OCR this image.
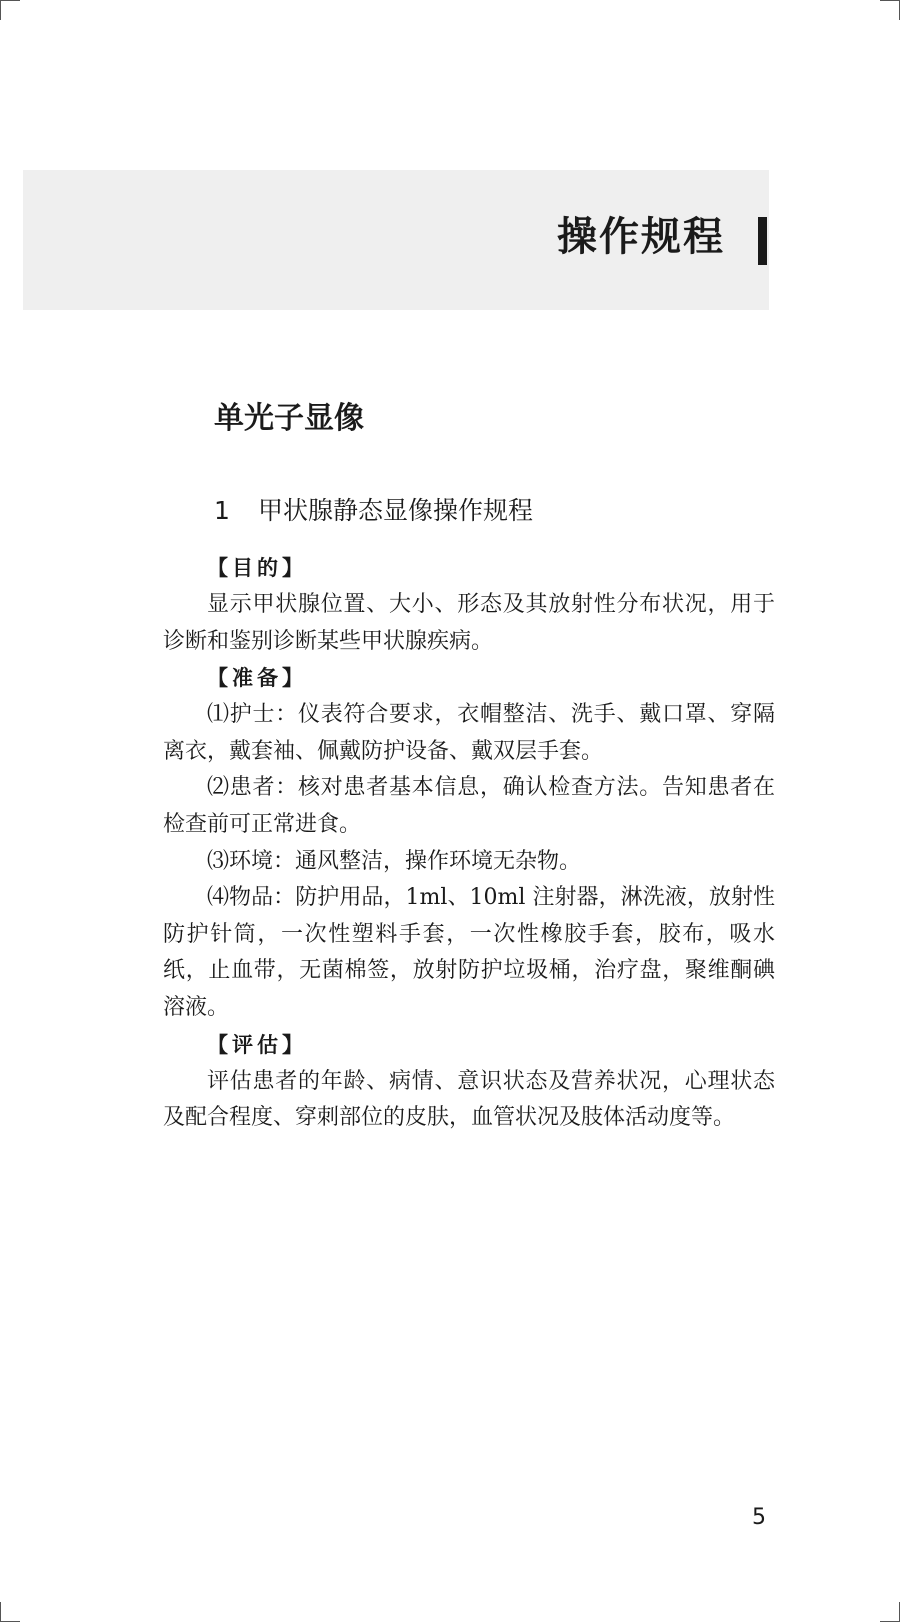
操作规程
单光子显像
1 甲状腺静态显像操作规程
【目的】

显示甲状腺位置、大小、形态及其放射性分布状况，用于诊断和鉴别诊断某些甲状腺疾病。

【准备】

⑴护士：仪表符合要求，衣帽整洁、洗手、戴口罩、穿隔离衣，戴套袖、佩戴防护设备、戴双层手套。

⑵患者：核对患者基本信息，确认检查方法。告知患者在检查前可正常进食。

⑶环境：通风整洁，操作环境无杂物。

⑷物品：防护用品，1ml、10ml 注射器，淋洗液，放射性防护针筒，一次性塑料手套，一次性橡胶手套，胶布，吸水纸，止血带，无菌棉签，放射防护垃圾桶，治疗盘，聚维酮碘溶液。

【评估】

评估患者的年龄、病情、意识状态及营养状况，心理状态及配合程度、穿刺部位的皮肤，血管状况及肢体活动度等。

5
